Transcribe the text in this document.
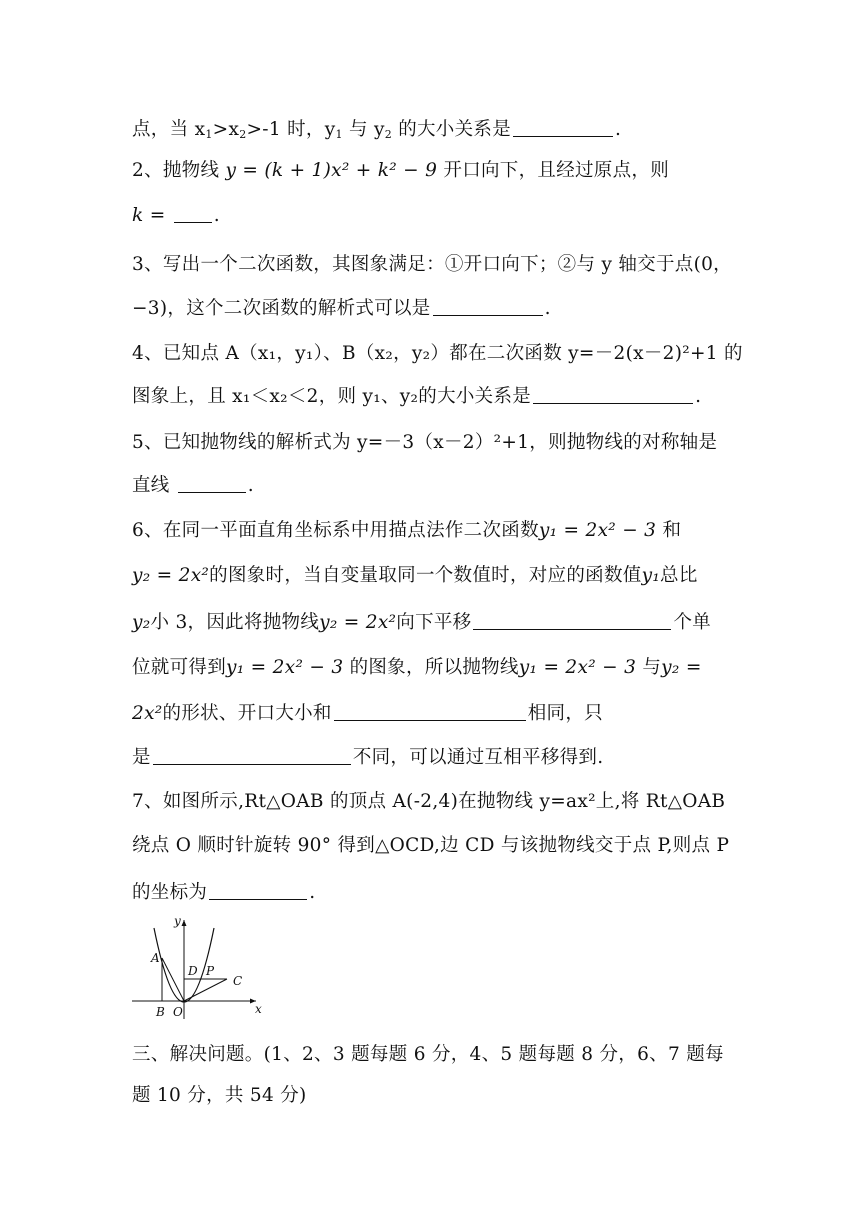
点，当 $x_1>x_2>-1$ 时，$y_1$ 与 $y_2$ 的大小关系是	.
2、抛物线 y = (k + 1)x² + k² − 9 开口向下，且经过原点，则
k = .
3、写出一个二次函数，其图象满足：①开口向下；②与 y 轴交于点(0，
−3)，这个二次函数的解析式可以是	.
4、已知点 A（x₁，y₁）、B（x₂，y₂）都在二次函数 y=－2(x－2)²+1 的
图象上，且 x₁＜x₂＜2，则 y₁、y₂的大小关系是	.
5、已知抛物线的解析式为 y=－3（x－2）²+1，则抛物线的对称轴是
直线	.
6、在同一平面直角坐标系中用描点法作二次函数y₁ = 2x² − 3 和
y₂ = 2x²的图象时，当自变量取同一个数值时，对应的函数值y₁总比
y₂小 3，因此将抛物线y₂ = 2x²向下平移	个单
位就可得到y₁ = 2x² − 3 的图象，所以抛物线y₁ = 2x² − 3 与y₂ =
2x²的形状、开口大小和	相同，只
是	不同，可以通过互相平移得到.
7、如图所示,Rt△OAB 的顶点 A(-2,4)在抛物线 y=ax²上,将 Rt△OAB
绕点 O 顺时针旋转 90° 得到△OCD,边 CD 与该抛物线交于点 P,则点 P
的坐标为	.
y
x
A
B O
D P
C
三、解决问题。(1、2、3 题每题 6 分，4、5 题每题 8 分，6、7 题每
题 10 分，共 54 分)
